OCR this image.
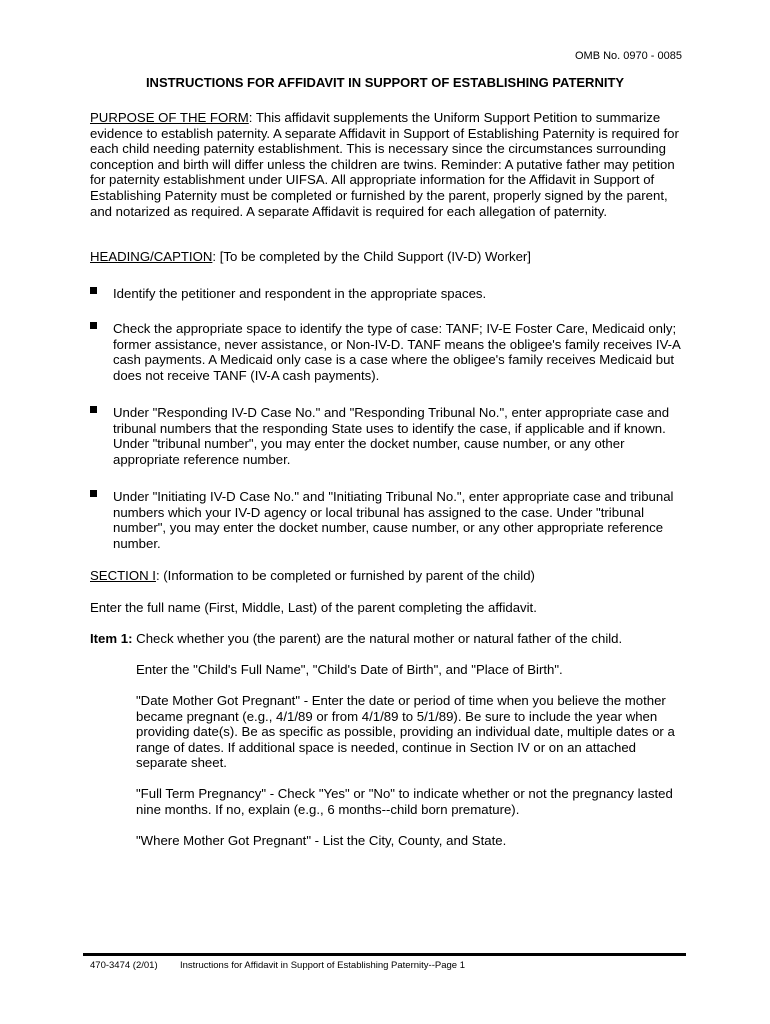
OMB No. 0970 - 0085
INSTRUCTIONS FOR AFFIDAVIT IN SUPPORT OF ESTABLISHING PATERNITY
PURPOSE OF THE FORM: This affidavit supplements the Uniform Support Petition to summarize evidence to establish paternity. A separate Affidavit in Support of Establishing Paternity is required for each child needing paternity establishment. This is necessary since the circumstances surrounding conception and birth will differ unless the children are twins. Reminder: A putative father may petition for paternity establishment under UIFSA. All appropriate information for the Affidavit in Support of Establishing Paternity must be completed or furnished by the parent, properly signed by the parent, and notarized as required. A separate Affidavit is required for each allegation of paternity.
HEADING/CAPTION: [To be completed by the Child Support (IV-D) Worker]
Identify the petitioner and respondent in the appropriate spaces.
Check the appropriate space to identify the type of case: TANF; IV-E Foster Care, Medicaid only; former assistance, never assistance, or Non-IV-D. TANF means the obligee's family receives IV-A cash payments. A Medicaid only case is a case where the obligee's family receives Medicaid but does not receive TANF (IV-A cash payments).
Under "Responding IV-D Case No." and "Responding Tribunal No.", enter appropriate case and tribunal numbers that the responding State uses to identify the case, if applicable and if known. Under "tribunal number", you may enter the docket number, cause number, or any other appropriate reference number.
Under "Initiating IV-D Case No." and "Initiating Tribunal No.", enter appropriate case and tribunal numbers which your IV-D agency or local tribunal has assigned to the case. Under "tribunal number", you may enter the docket number, cause number, or any other appropriate reference number.
SECTION I: (Information to be completed or furnished by parent of the child)
Enter the full name (First, Middle, Last) of the parent completing the affidavit.
Item 1: Check whether you (the parent) are the natural mother or natural father of the child.
Enter the "Child's Full Name", "Child's Date of Birth", and "Place of Birth".
"Date Mother Got Pregnant" - Enter the date or period of time when you believe the mother became pregnant (e.g., 4/1/89 or from 4/1/89 to 5/1/89). Be sure to include the year when providing date(s). Be as specific as possible, providing an individual date, multiple dates or a range of dates. If additional space is needed, continue in Section IV or on an attached separate sheet.
"Full Term Pregnancy" - Check "Yes" or "No" to indicate whether or not the pregnancy lasted nine months. If no, explain (e.g., 6 months--child born premature).
"Where Mother Got Pregnant" - List the City, County, and State.
470-3474 (2/01) Instructions for Affidavit in Support of Establishing Paternity--Page 1
